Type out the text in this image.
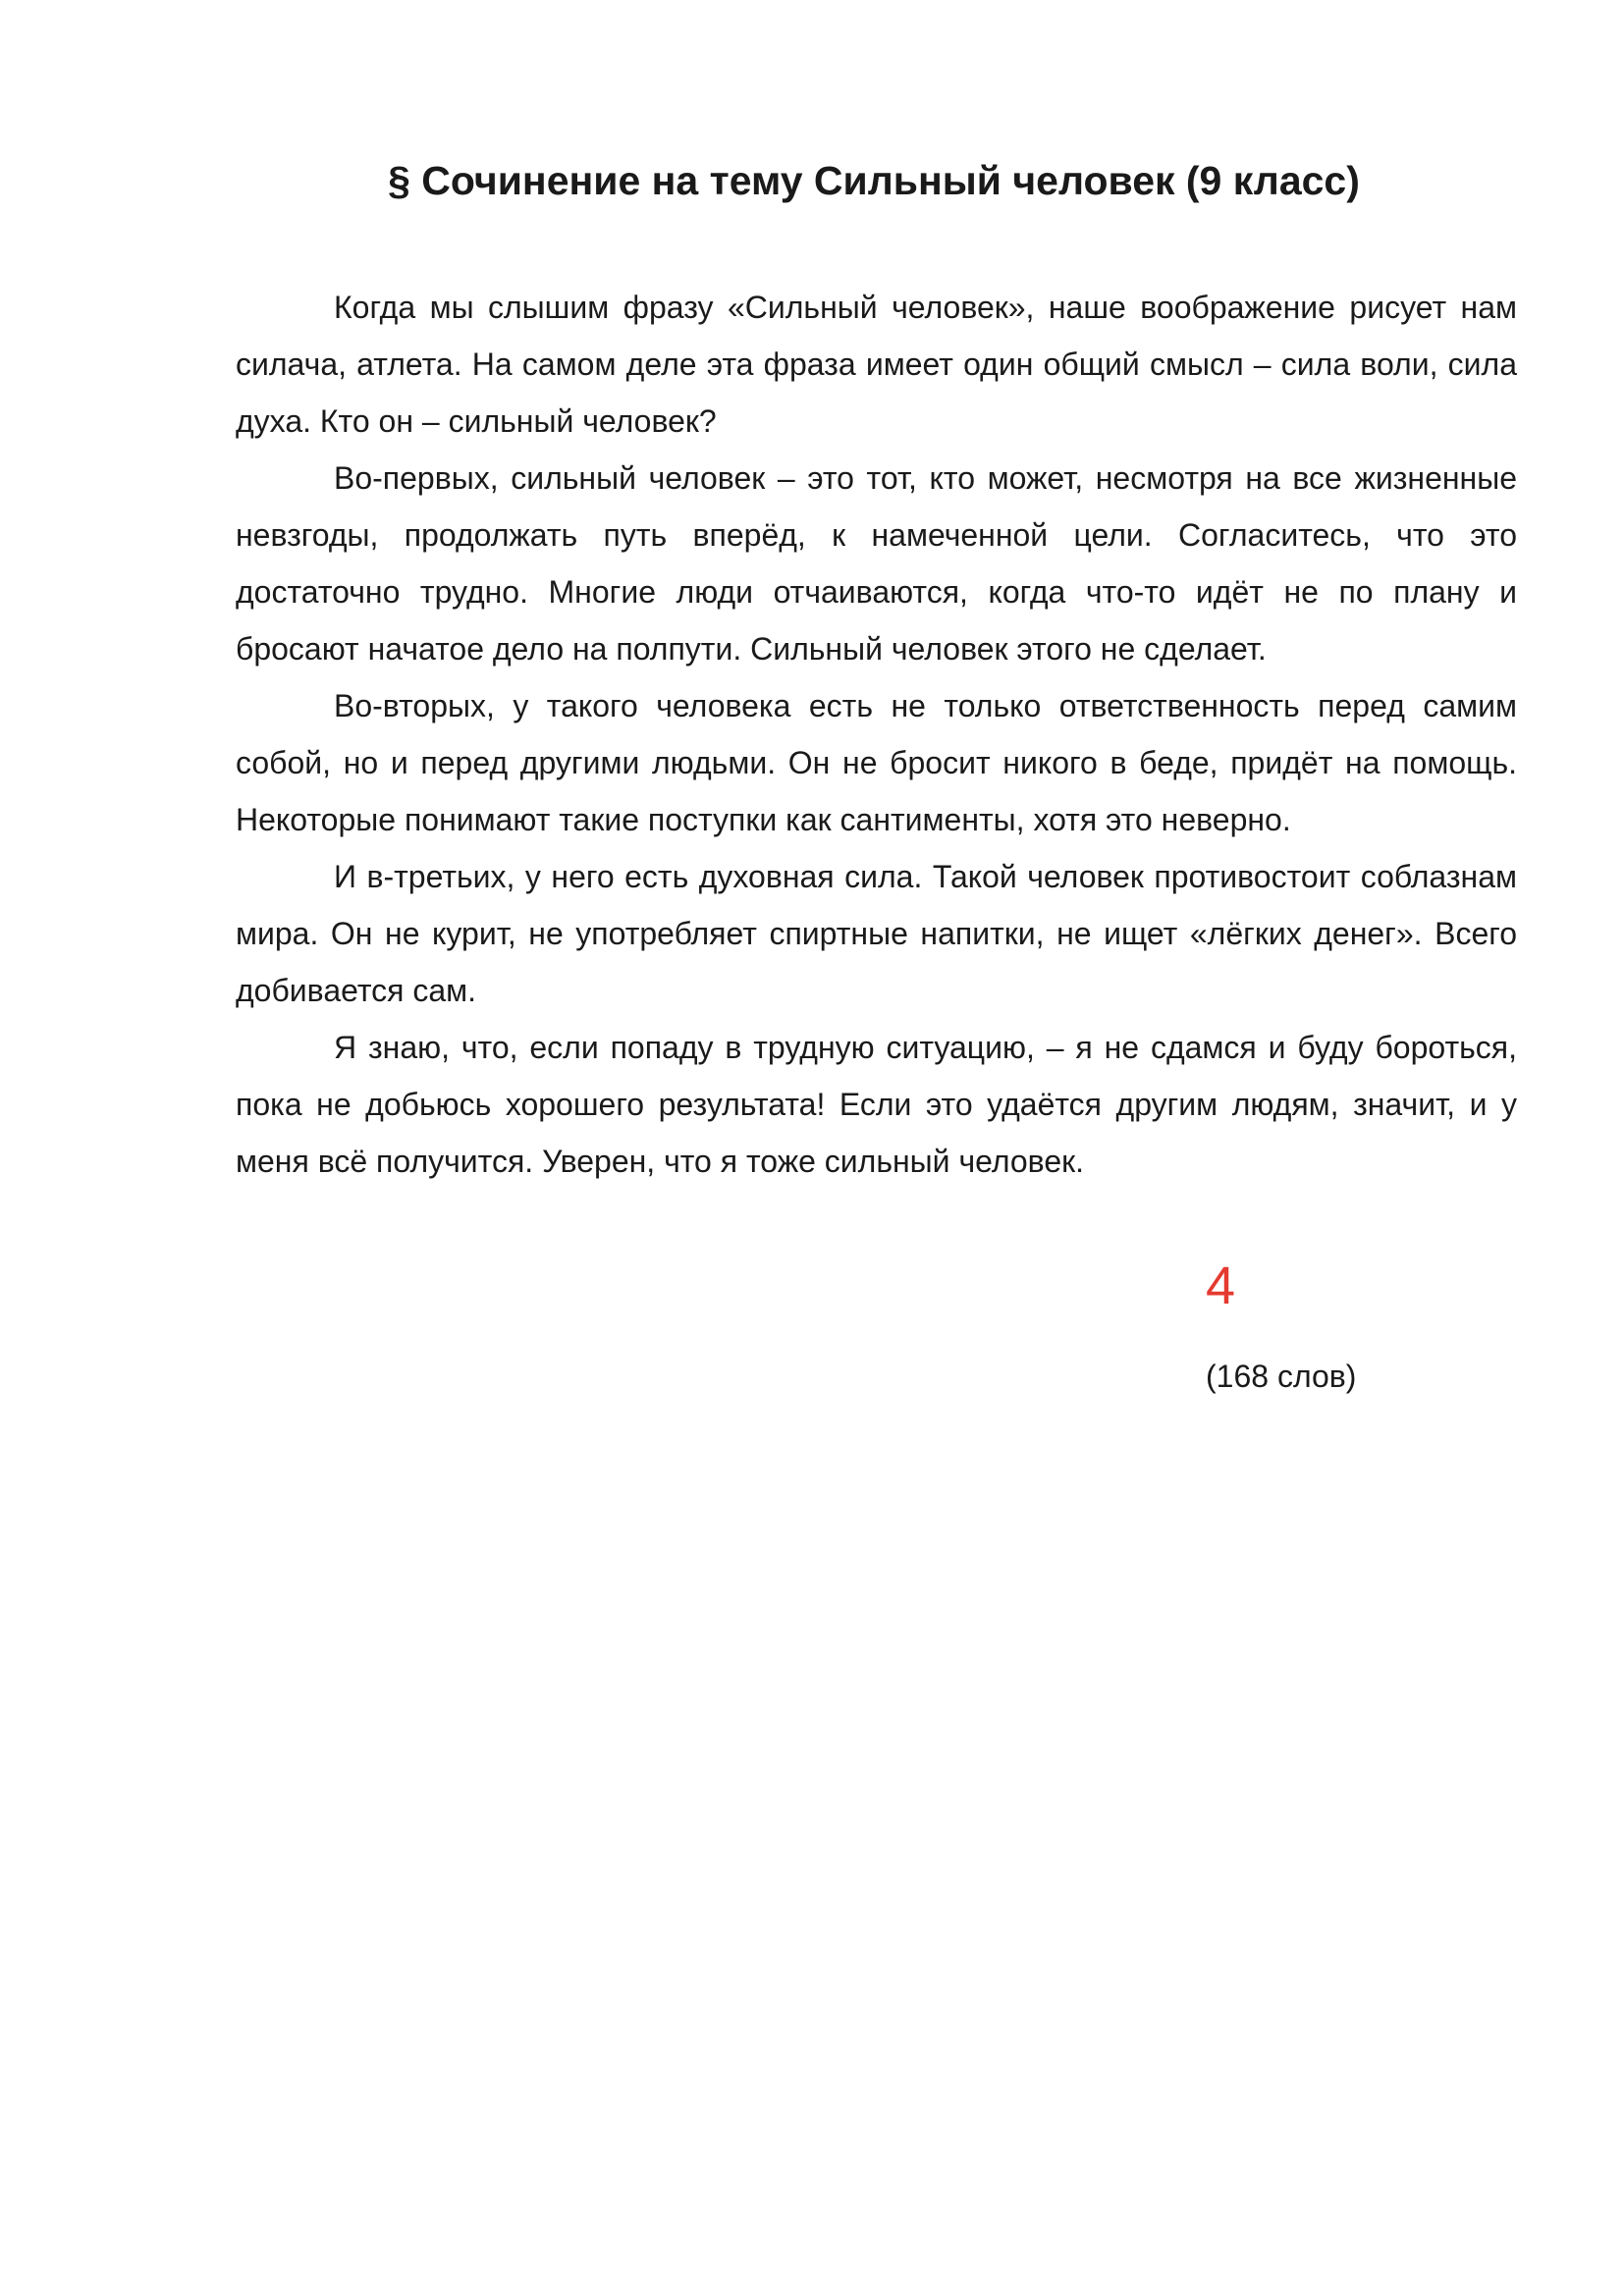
§ Сочинение на тему Сильный человек (9 класс)

Когда мы слышим фразу «Сильный человек», наше воображение рисует нам силача, атлета. На самом деле эта фраза имеет один общий смысл – сила воли, сила духа. Кто он – сильный человек?

Во-первых, сильный человек – это тот, кто может, несмотря на все жизненные невзгоды, продолжать путь вперёд, к намеченной цели. Согласитесь, что это достаточно трудно. Многие люди отчаиваются, когда что-то идёт не по плану и бросают начатое дело на полпути. Сильный человек этого не сделает.

Во-вторых, у такого человека есть не только ответственность перед самим собой, но и перед другими людьми. Он не бросит никого в беде, придёт на помощь. Некоторые понимают такие поступки как сантименты, хотя это неверно.

И в-третьих, у него есть духовная сила. Такой человек противостоит соблазнам мира. Он не курит, не употребляет спиртные напитки, не ищет «лёгких денег». Всего добивается сам.

Я знаю, что, если попаду в трудную ситуацию, – я не сдамся и буду бороться, пока не добьюсь хорошего результата! Если это удаётся другим людям, значит, и у меня всё получится. Уверен, что я тоже сильный человек.

4
(168 слов)
